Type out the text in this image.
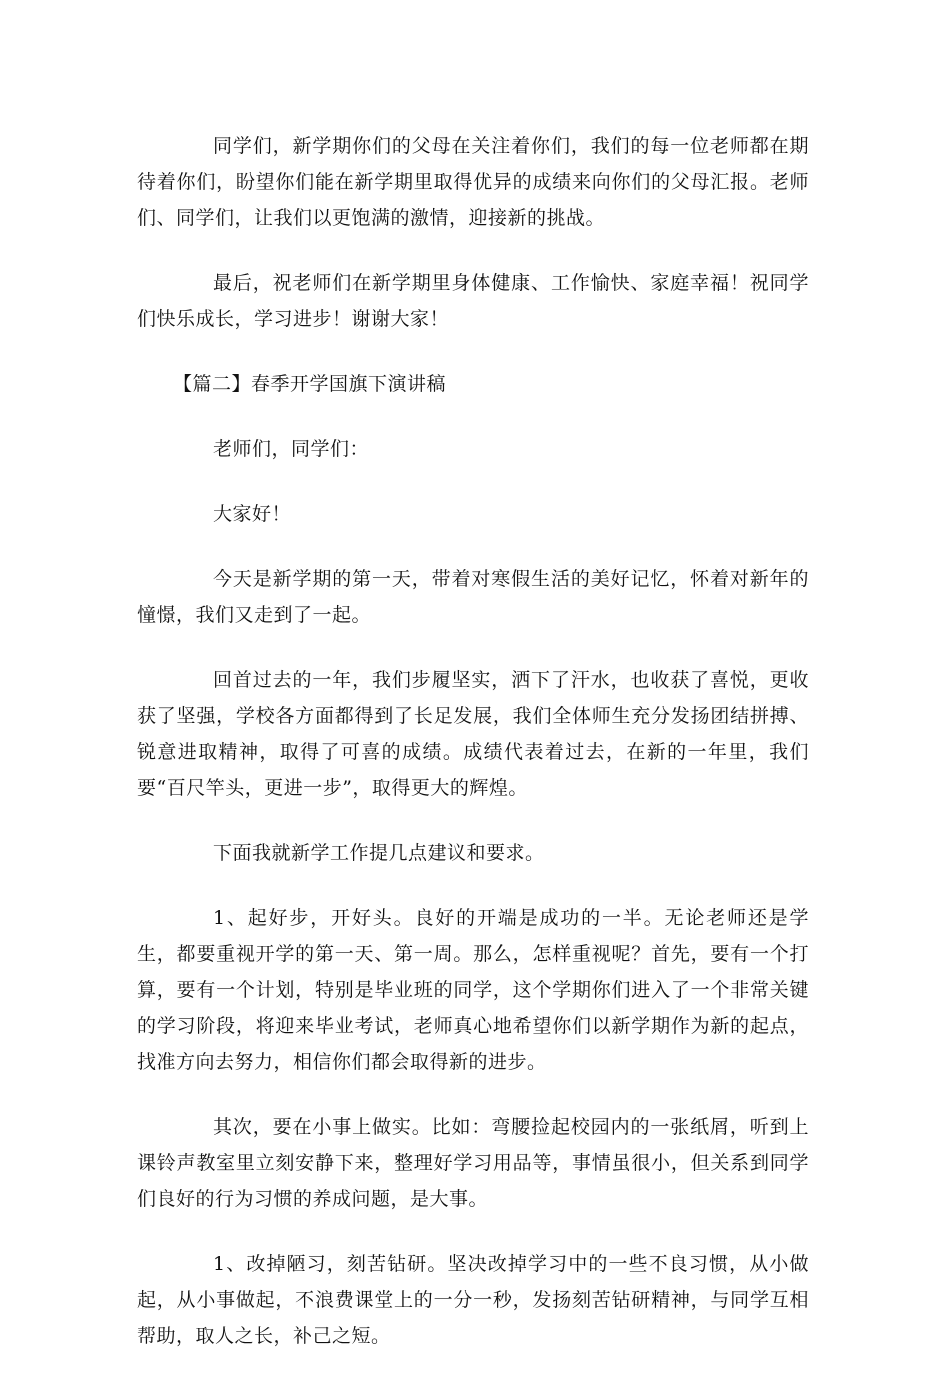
同学们，新学期你们的父母在关注着你们，我们的每一位老师都在期待着你们，盼望你们能在新学期里取得优异的成绩来向你们的父母汇报。老师们、同学们，让我们以更饱满的激情，迎接新的挑战。

最后，祝老师们在新学期里身体健康、工作愉快、家庭幸福！祝同学们快乐成长，学习进步！谢谢大家！

【篇二】春季开学国旗下演讲稿

老师们，同学们：

大家好！

今天是新学期的第一天，带着对寒假生活的美好记忆，怀着对新年的憧憬，我们又走到了一起。

回首过去的一年，我们步履坚实，洒下了汗水，也收获了喜悦，更收获了坚强，学校各方面都得到了长足发展，我们全体师生充分发扬团结拼搏、锐意进取精神，取得了可喜的成绩。成绩代表着过去，在新的一年里，我们要“百尺竿头，更进一步”，取得更大的辉煌。

下面我就新学工作提几点建议和要求。

1、起好步，开好头。良好的开端是成功的一半。无论老师还是学生，都要重视开学的第一天、第一周。那么，怎样重视呢？首先，要有一个打算，要有一个计划，特别是毕业班的同学，这个学期你们进入了一个非常关键的学习阶段，将迎来毕业考试，老师真心地希望你们以新学期作为新的起点，找准方向去努力，相信你们都会取得新的进步。

其次，要在小事上做实。比如：弯腰捡起校园内的一张纸屑，听到上课铃声教室里立刻安静下来，整理好学习用品等，事情虽很小，但关系到同学们良好的行为习惯的养成问题，是大事。

1、改掉陋习，刻苦钻研。坚决改掉学习中的一些不良习惯，从小做起，从小事做起，不浪费课堂上的一分一秒，发扬刻苦钻研精神，与同学互相帮助，取人之长，补己之短。
